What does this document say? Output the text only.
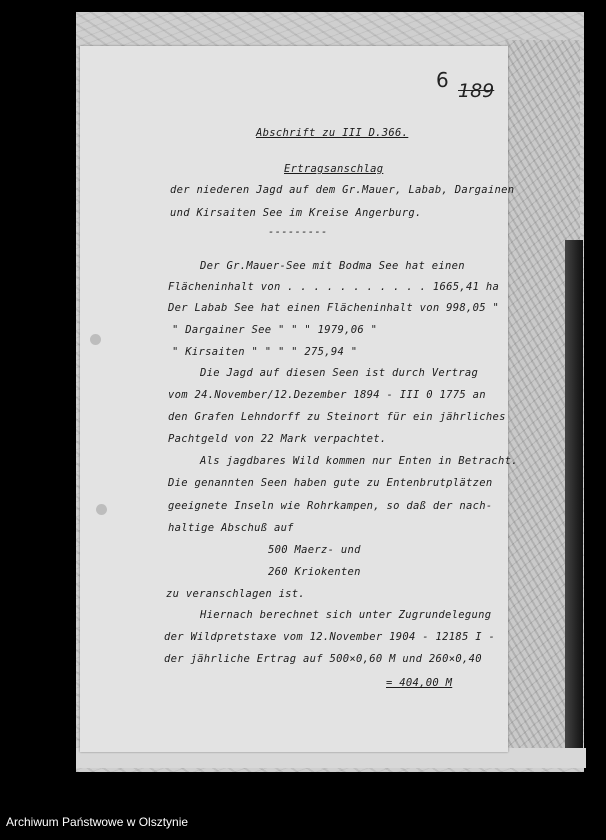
6 189
Abschrift zu III D.366.
Ertragsanschlag
der niederen Jagd auf dem Gr.Mauer, Labab, Dargainen
und Kirsaiten See im Kreise Angerburg.
---------
Der Gr.Mauer-See mit Bodma See hat einen
Flächeninhalt von . . . . . . . . . . . 1665,41 ha
Der Labab See hat einen Flächeninhalt von 998,05 "
" Dargainer See " " " 1979,06 "
" Kirsaiten " " " " 275,94 "
Die Jagd auf diesen Seen ist durch Vertrag
vom 24.November/12.Dezember 1894 - III 0 1775 an
den Grafen Lehndorff zu Steinort für ein jährliches
Pachtgeld von 22 Mark verpachtet.
Als jagdbares Wild kommen nur Enten in Betracht.
Die genannten Seen haben gute zu Entenbrutplätzen
geeignete Inseln wie Rohrkampen, so daß der nach-
haltige Abschuß auf
500 Maerz- und
260 Kriokenten
zu veranschlagen ist.
Hiernach berechnet sich unter Zugrundelegung
der Wildpretstaxe vom 12.November 1904 - 12185 I -
der jährliche Ertrag auf 500×0,60 M und 260×0,40
= 404,00 M
Archiwum Państwowe w Olsztynie
